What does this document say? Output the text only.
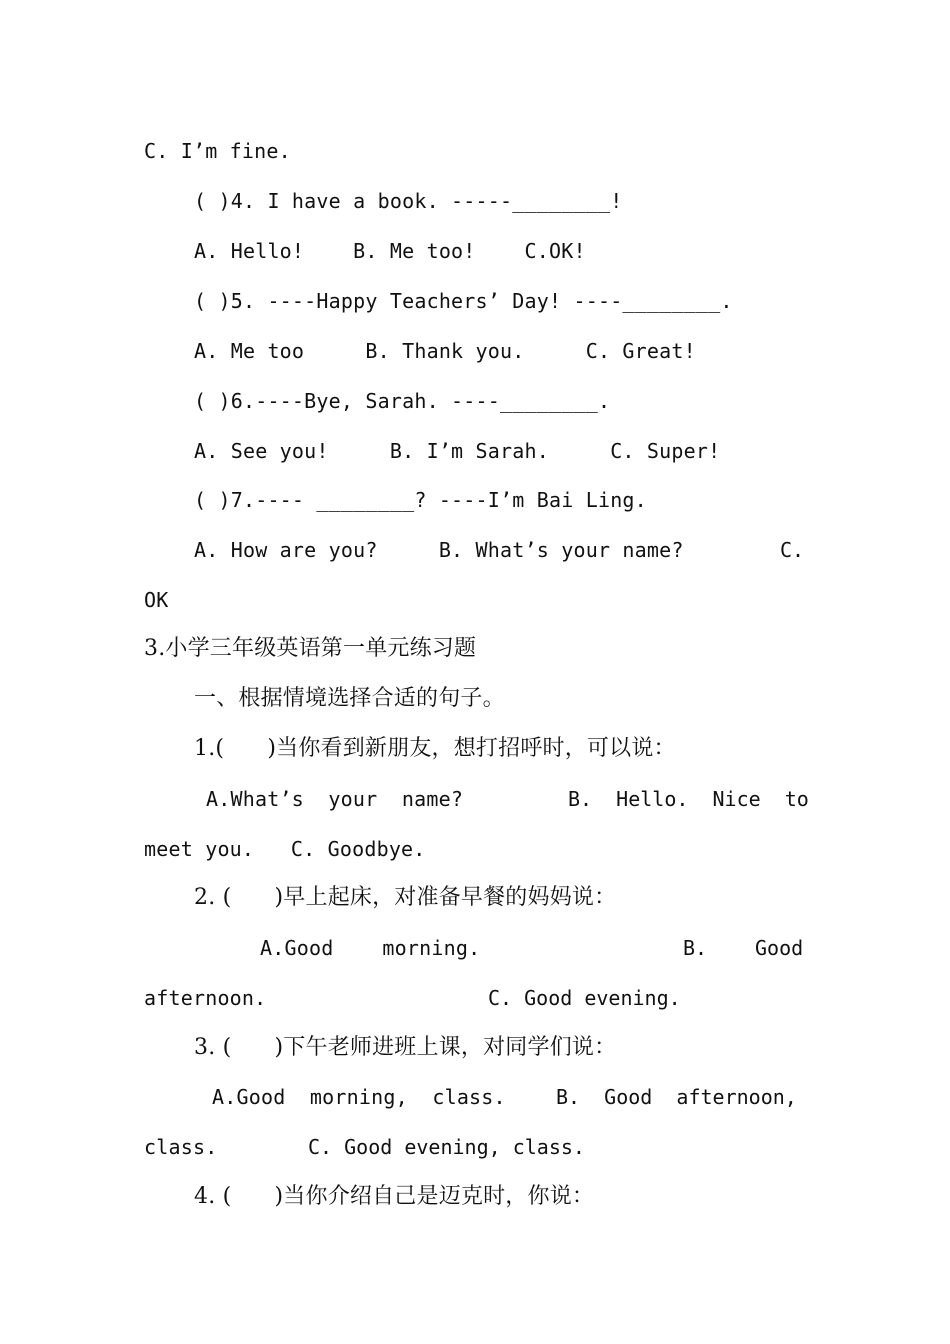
C. I’m fine.
( )4. I have a book. -----________!
A. Hello!    B. Me too!    C.OK!
( )5. ----Happy Teachers’ Day! ----________.
A. Me too     B. Thank you.     C. Great!
( )6.----Bye, Sarah. ----________.
A. See you!     B. I’m Sarah.     C. Super!
( )7.---- ________? ----I’m Bai Ling.
A. How are you?     B. What’s your name?	C.
OK
3.小学三年级英语第一单元练习题
一、根据情境选择合适的句子。
1.(      )当你看到新朋友，想打招呼时，可以说：
A.What’s  your  name?	B.  Hello.  Nice  to
meet you.   C. Goodbye.
2. (      )早上起床，对准备早餐的妈妈说：
A.Good    morning.	B. Good
afternoon.	C. Good evening.
3. (      )下午老师进班上课，对同学们说：
A.Good  morning,  class.	B.  Good  afternoon,
class.	C. Good evening, class.
4. (      )当你介绍自己是迈克时，你说：
